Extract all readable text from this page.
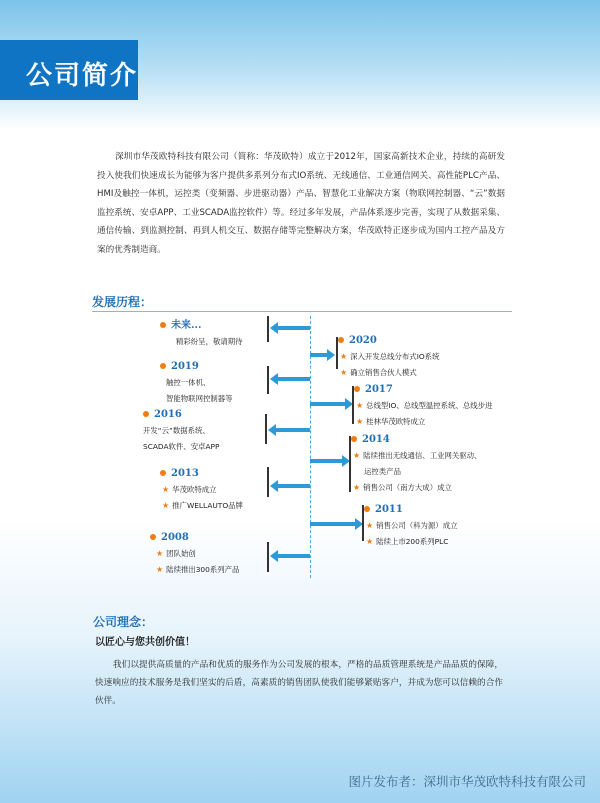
公司简介
深圳市华茂欧特科技有限公司（简称：华茂欧特）成立于2012年，国家高新技术企业，持续的高研发投入使我们快速成长为能够为客户提供多系列分布式IO系统、无线通信、工业通信网关、高性能PLC产品、HMI及触控一体机，运控类（变频器、步进驱动器）产品、智慧化工业解决方案（物联网控制器、“云”数据监控系统、安卓APP、工业SCADA监控软件）等。经过多年发展，产品体系逐步完善，实现了从数据采集、通信传输、到监测控制、再到人机交互、数据存储等完整解决方案，华茂欧特正逐步成为国内工控产品及方案的优秀制造商。
发展历程：
未来...
精彩纷呈，敬请期待	2020
★ 深入开发总线分布式IO系统
★ 确立销售合伙人模式
2019
触控一体机、
智能物联网控制器等
2017
★ 总线型IO、总线型温控系统、总线步进
★ 桂林华茂欧特成立
2016
开发“云”数据系统、
SCADA软件、安卓APP
2014
★ 陆续推出无线通信、工业网关驱动、
运控类产品
★ 销售公司（南方大成）成立
2013
★ 华茂欧特成立
★ 推广WELLAUTO品牌	2011
★ 销售公司（科为源）成立
★ 陆续上市200系列PLC
2008
★ 团队始创
★ 陆续推出300系列产品
公司理念：
以匠心与您共创价值！
我们以提供高质量的产品和优质的服务作为公司发展的根本，严格的品质管理系统是产品品质的保障，快速响应的技术服务是我们坚实的后盾，高素质的销售团队使我们能够紧贴客户，并成为您可以信赖的合作伙伴。
图片发布者：深圳市华茂欧特科技有限公司
